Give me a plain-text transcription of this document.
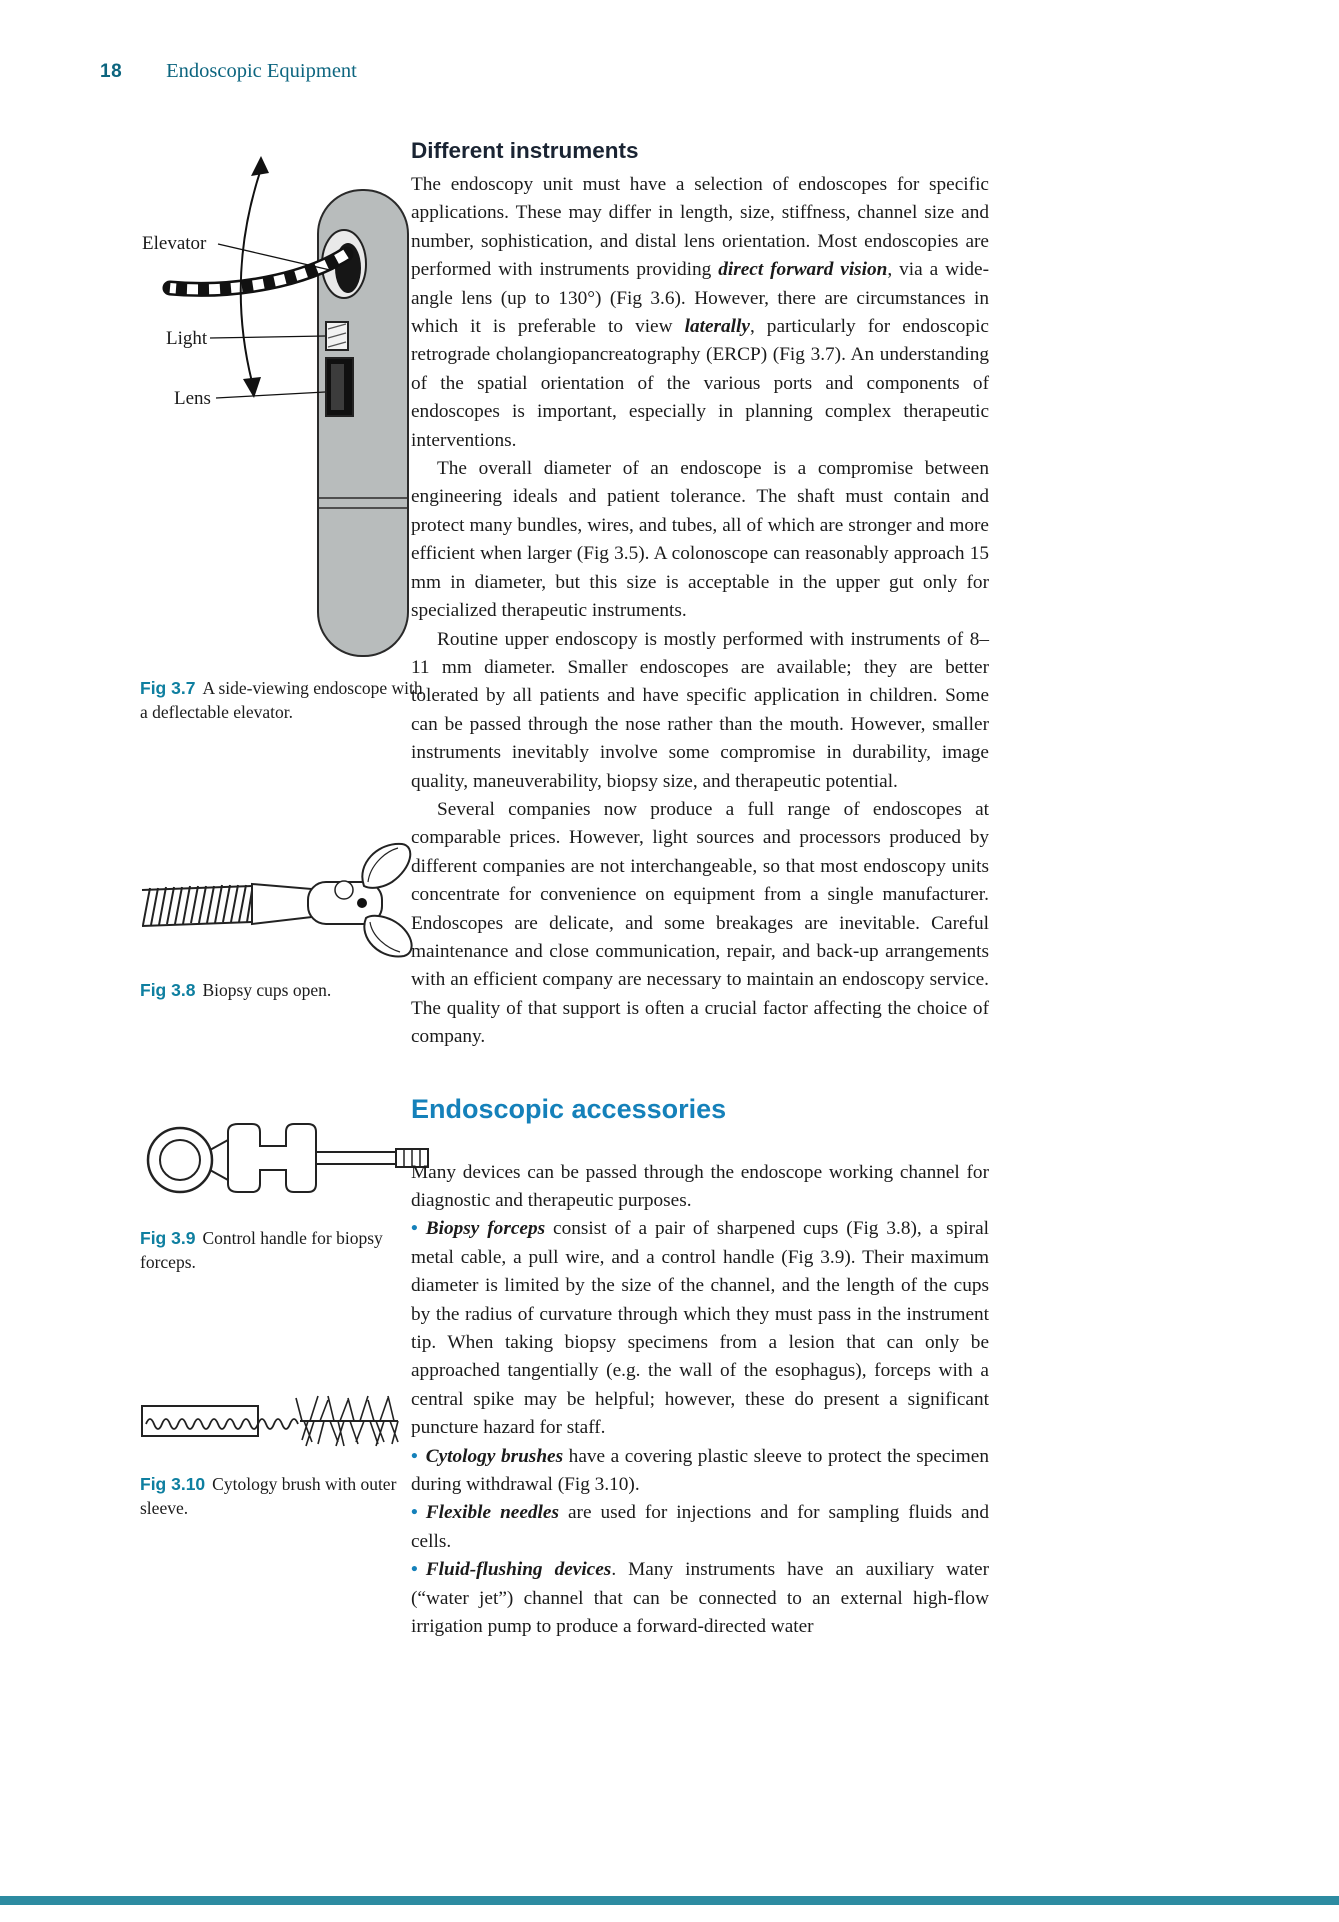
18 Endoscopic Equipment
Elevator
Light
Lens
Fig 3.7 A side-viewing endoscope with a deflectable elevator.
Fig 3.8 Biopsy cups open.
Fig 3.9 Control handle for biopsy forceps.
Fig 3.10 Cytology brush with outer sleeve.
Different instruments

The endoscopy unit must have a selection of endoscopes for specific applications. These may differ in length, size, stiffness, channel size and number, sophistication, and distal lens orientation. Most endoscopies are performed with instruments providing direct forward vision, via a wide-angle lens (up to 130°) (Fig 3.6). However, there are circumstances in which it is preferable to view laterally, particularly for endoscopic retrograde cholangiopancreatography (ERCP) (Fig 3.7). An understanding of the spatial orientation of the various ports and components of endoscopes is important, especially in planning complex therapeutic interventions.

The overall diameter of an endoscope is a compromise between engineering ideals and patient tolerance. The shaft must contain and protect many bundles, wires, and tubes, all of which are stronger and more efficient when larger (Fig 3.5). A colonoscope can reasonably approach 15 mm in diameter, but this size is acceptable in the upper gut only for specialized therapeutic instruments.

Routine upper endoscopy is mostly performed with instruments of 8–11 mm diameter. Smaller endoscopes are available; they are better tolerated by all patients and have specific application in children. Some can be passed through the nose rather than the mouth. However, smaller instruments inevitably involve some compromise in durability, image quality, maneuverability, biopsy size, and therapeutic potential.

Several companies now produce a full range of endoscopes at comparable prices. However, light sources and processors produced by different companies are not interchangeable, so that most endoscopy units concentrate for convenience on equipment from a single manufacturer. Endoscopes are delicate, and some breakages are inevitable. Careful maintenance and close communication, repair, and back-up arrangements with an efficient company are necessary to maintain an endoscopy service. The quality of that support is often a crucial factor affecting the choice of company.

Endoscopic accessories

Many devices can be passed through the endoscope working channel for diagnostic and therapeutic purposes.

• Biopsy forceps consist of a pair of sharpened cups (Fig 3.8), a spiral metal cable, a pull wire, and a control handle (Fig 3.9). Their maximum diameter is limited by the size of the channel, and the length of the cups by the radius of curvature through which they must pass in the instrument tip. When taking biopsy specimens from a lesion that can only be approached tangentially (e.g. the wall of the esophagus), forceps with a central spike may be helpful; however, these do present a significant puncture hazard for staff.

• Cytology brushes have a covering plastic sleeve to protect the specimen during withdrawal (Fig 3.10).

• Flexible needles are used for injections and for sampling fluids and cells.

• Fluid-flushing devices. Many instruments have an auxiliary water (“water jet”) channel that can be connected to an external high-flow irrigation pump to produce a forward-directed water
